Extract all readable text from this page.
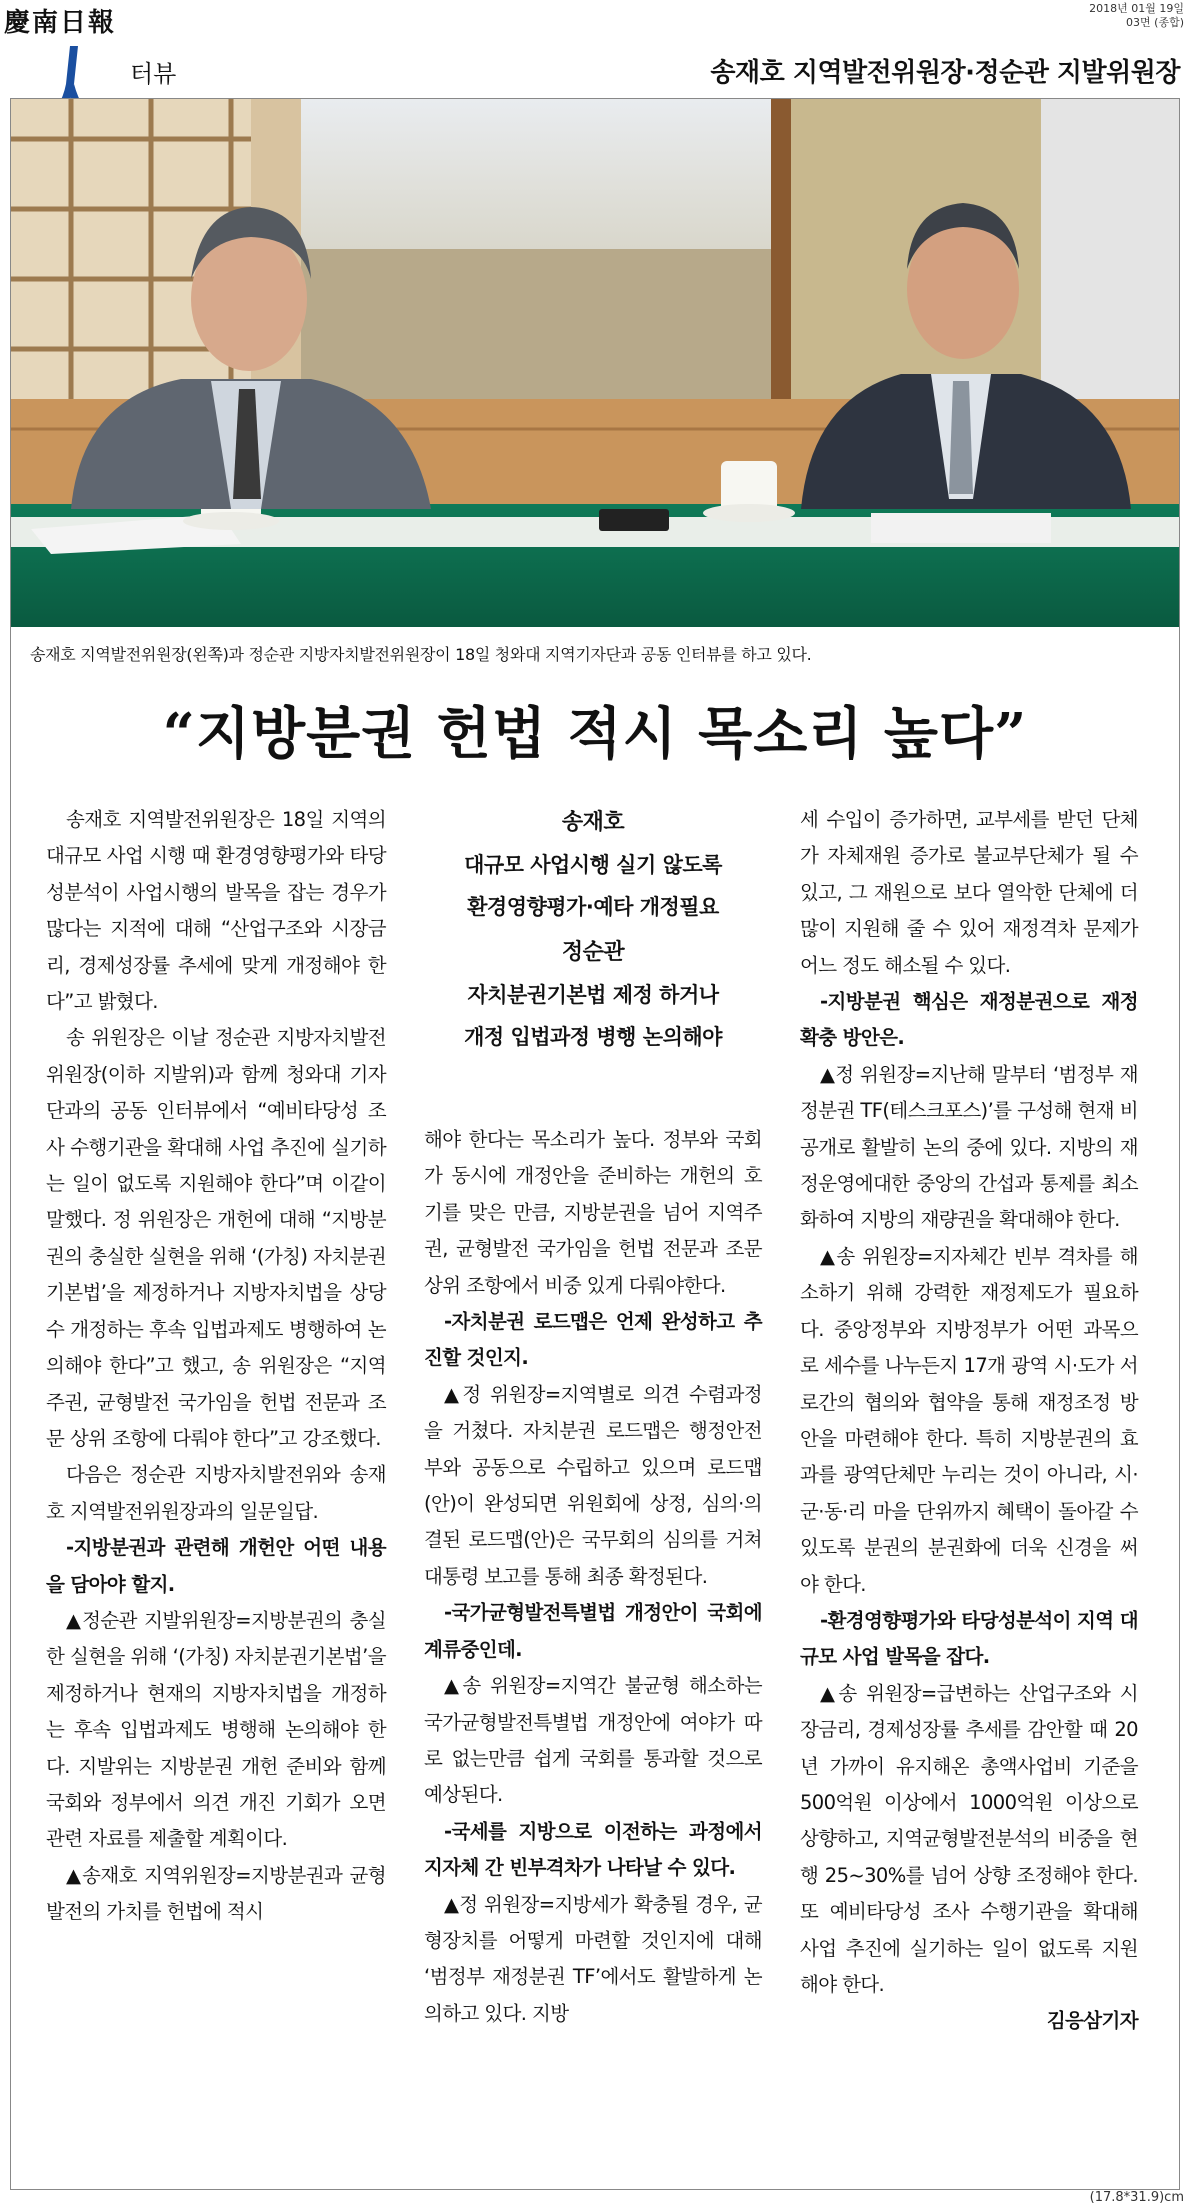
慶南日報	2018년 01월 19일
03면 (종합)
터뷰	송재호 지역발전위원장·정순관 지발위원장
송재호 지역발전위원장(왼쪽)과 정순관 지방자치발전위원장이 18일 청와대 지역기자단과 공동 인터뷰를 하고 있다.
“지방분권 헌법 적시 목소리 높다”

송재호 지역발전위원장은 18일 지역의 대규모 사업 시행 때 환경영향평가와 타당성분석이 사업시행의 발목을 잡는 경우가 많다는 지적에 대해 “산업구조와 시장금리, 경제성장률 추세에 맞게 개정해야 한다”고 밝혔다.

송 위원장은 이날 정순관 지방자치발전위원장(이하 지발위)과 함께 청와대 기자단과의 공동 인터뷰에서 “예비타당성 조사 수행기관을 확대해 사업 추진에 실기하는 일이 없도록 지원해야 한다”며 이같이 말했다. 정 위원장은 개헌에 대해 “지방분권의 충실한 실현을 위해 ‘(가칭) 자치분권기본법’을 제정하거나 지방자치법을 상당수 개정하는 후속 입법과제도 병행하여 논의해야 한다”고 했고, 송 위원장은 “지역주권, 균형발전 국가임을 헌법 전문과 조문 상위 조항에 다뤄야 한다”고 강조했다.

다음은 정순관 지방자치발전위와 송재호 지역발전위원장과의 일문일답.

-지방분권과 관련해 개헌안 어떤 내용을 담아야 할지.

▲정순관 지발위원장=지방분권의 충실한 실현을 위해 ‘(가칭) 자치분권기본법’을 제정하거나 현재의 지방자치법을 개정하는 후속 입법과제도 병행해 논의해야 한다. 지발위는 지방분권 개헌 준비와 함께 국회와 정부에서 의견 개진 기회가 오면 관련 자료를 제출할 계획이다.

▲송재호 지역위원장=지방분권과 균형발전의 가치를 헌법에 적시

송재호
대규모 사업시행 실기 않도록
환경영향평가·예타 개정필요
정순관
자치분권기본법 제정 하거나
개정 입법과정 병행 논의해야

해야 한다는 목소리가 높다. 정부와 국회가 동시에 개정안을 준비하는 개헌의 호기를 맞은 만큼, 지방분권을 넘어 지역주권, 균형발전 국가임을 헌법 전문과 조문 상위 조항에서 비중 있게 다뤄야한다.

-자치분권 로드맵은 언제 완성하고 추진할 것인지.

▲정 위원장=지역별로 의견 수렴과정을 거쳤다. 자치분권 로드맵은 행정안전부와 공동으로 수립하고 있으며 로드맵(안)이 완성되면 위원회에 상정, 심의·의결된 로드맵(안)은 국무회의 심의를 거쳐 대통령 보고를 통해 최종 확정된다.

-국가균형발전특별법 개정안이 국회에 계류중인데.

▲송 위원장=지역간 불균형 해소하는 국가균형발전특별법 개정안에 여야가 따로 없는만큼 쉽게 국회를 통과할 것으로 예상된다.

-국세를 지방으로 이전하는 과정에서 지자체 간 빈부격차가 나타날 수 있다.

▲정 위원장=지방세가 확충될 경우, 균형장치를 어떻게 마련할 것인지에 대해 ‘범정부 재정분권 TF’에서도 활발하게 논의하고 있다. 지방

세 수입이 증가하면, 교부세를 받던 단체가 자체재원 증가로 불교부단체가 될 수 있고, 그 재원으로 보다 열악한 단체에 더 많이 지원해 줄 수 있어 재정격차 문제가 어느 정도 해소될 수 있다.

-지방분권 핵심은 재정분권으로 재정 확충 방안은.

▲정 위원장=지난해 말부터 ‘범정부 재정분권 TF(테스크포스)’를 구성해 현재 비공개로 활발히 논의 중에 있다. 지방의 재정운영에대한 중앙의 간섭과 통제를 최소화하여 지방의 재량권을 확대해야 한다.

▲송 위원장=지자체간 빈부 격차를 해소하기 위해 강력한 재정제도가 필요하다. 중앙정부와 지방정부가 어떤 과목으로 세수를 나누든지 17개 광역 시·도가 서로간의 협의와 협약을 통해 재정조정 방안을 마련해야 한다. 특히 지방분권의 효과를 광역단체만 누리는 것이 아니라, 시·군·동·리 마을 단위까지 혜택이 돌아갈 수 있도록 분권의 분권화에 더욱 신경을 써야 한다.

-환경영향평가와 타당성분석이 지역 대규모 사업 발목을 잡다.

▲송 위원장=급변하는 산업구조와 시장금리, 경제성장률 추세를 감안할 때 20년 가까이 유지해온 총액사업비 기준을 500억원 이상에서 1000억원 이상으로 상향하고, 지역균형발전분석의 비중을 현행 25~30%를 넘어 상향 조정해야 한다. 또 예비타당성 조사 수행기관을 확대해 사업 추진에 실기하는 일이 없도록 지원해야 한다.

김응삼기자

(17.8*31.9)cm
